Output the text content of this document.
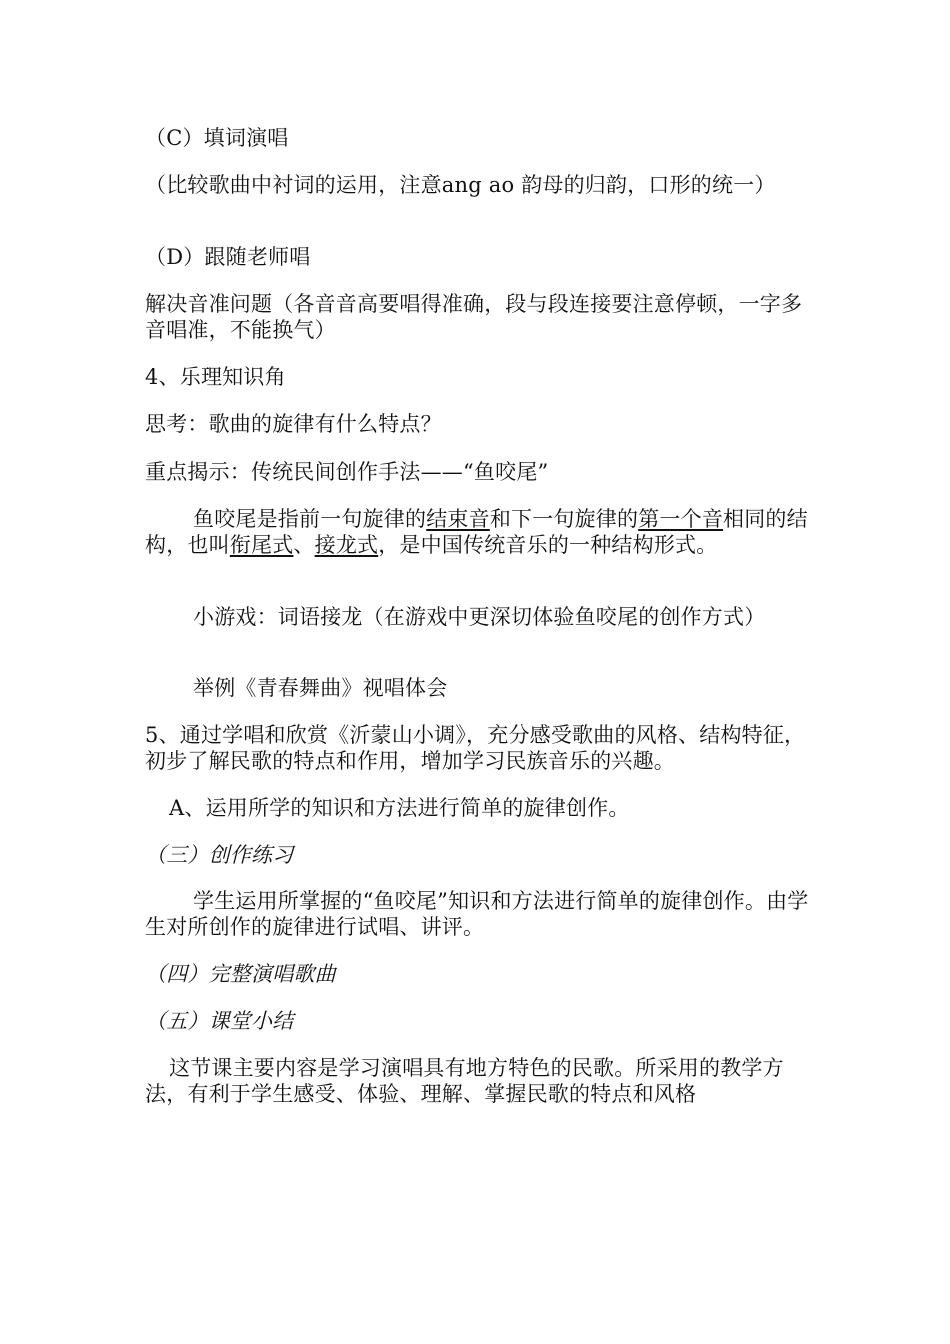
（C）填词演唱

（比较歌曲中衬词的运用，注意ang ao 韵母的归韵，口形的统一）

（D）跟随老师唱

解决音准问题（各音音高要唱得准确，段与段连接要注意停顿，一字多音唱准，不能换气）

4、乐理知识角

思考：歌曲的旋律有什么特点？

重点揭示：传统民间创作手法——“鱼咬尾”

鱼咬尾是指前一句旋律的结束音和下一句旋律的第一个音相同的结构，也叫衔尾式、接龙式，是中国传统音乐的一种结构形式。

小游戏：词语接龙（在游戏中更深切体验鱼咬尾的创作方式）

举例《青春舞曲》视唱体会

5、通过学唱和欣赏《沂蒙山小调》，充分感受歌曲的风格、结构特征，初步了解民歌的特点和作用，增加学习民族音乐的兴趣。

A、运用所学的知识和方法进行简单的旋律创作。

（三）创作练习

学生运用所掌握的“鱼咬尾”知识和方法进行简单的旋律创作。由学生对所创作的旋律进行试唱、讲评。

（四）完整演唱歌曲

（五）课堂小结

这节课主要内容是学习演唱具有地方特色的民歌。所采用的教学方法，有利于学生感受、体验、理解、掌握民歌的特点和风格
